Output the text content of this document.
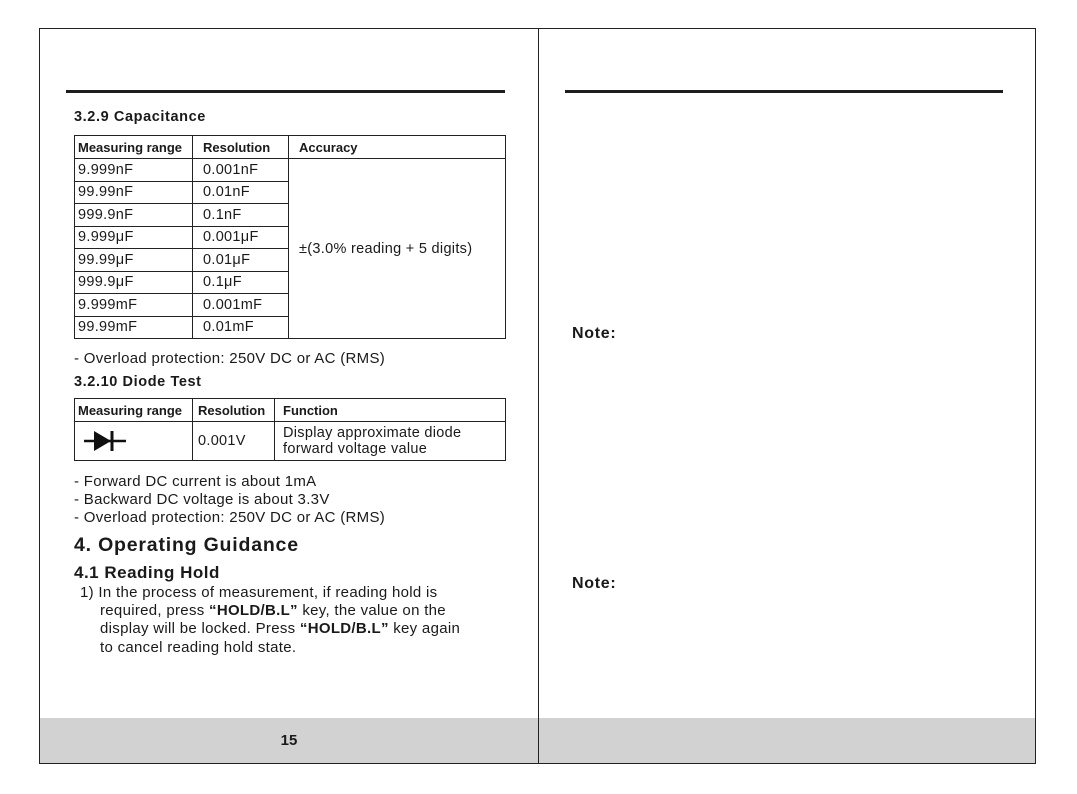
3.2.9 Capacitance
Measuring range	Resolution	Accuracy
9.999nF	0.001nF	±(3.0% reading + 5 digits)
99.99nF	0.01nF	
999.9nF	0.1nF	
9.999μF	0.001μF	
99.99μF	0.01μF	
999.9μF	0.1μF	
9.999mF	0.001mF	
99.99mF	0.01mF	
- Overload protection: 250V DC or AC (RMS)
3.2.10 Diode Test
Measuring range	Resolution	Function

	0.001V	Display approximate diode
forward voltage value
- Forward DC current is about 1mA
- Backward DC voltage is about 3.3V
- Overload protection: 250V DC or AC (RMS)
4. Operating Guidance
4.1 Reading Hold
1) In the process of measurement, if reading hold is
required, press “HOLD/B.L” key, the value on the
display will be locked. Press “HOLD/B.L” key again
to cancel reading hold state.
15
Note:
Note:
